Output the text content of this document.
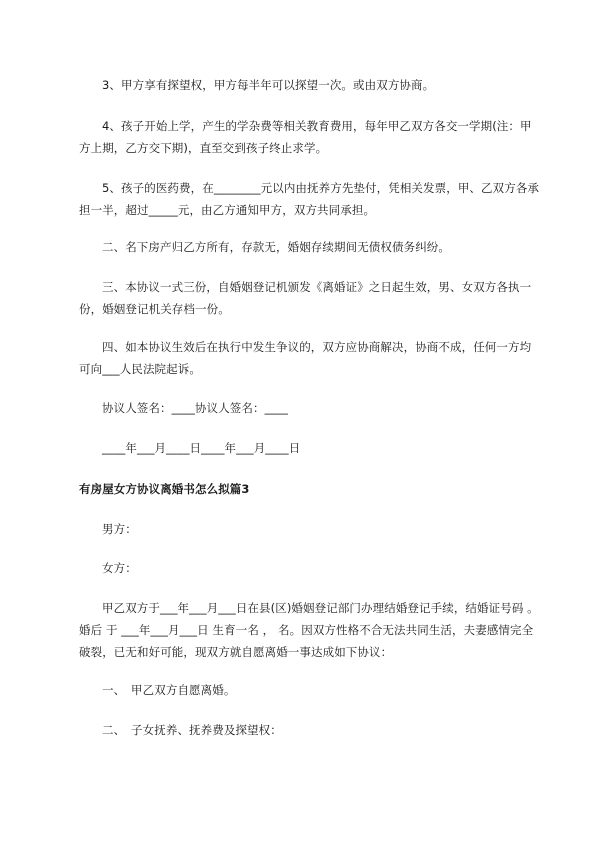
3、甲方享有探望权，甲方每半年可以探望一次。或由双方协商。

4、孩子开始上学，产生的学杂费等相关教育费用，每年甲乙双方各交一学期(注：甲方上期，乙方交下期)，直至交到孩子终止求学。

5、孩子的医药费，在________元以内由抚养方先垫付，凭相关发票，甲、乙双方各承担一半，超过_____元，由乙方通知甲方，双方共同承担。

二、名下房产归乙方所有，存款无，婚姻存续期间无债权债务纠纷。

三、本协议一式三份，自婚姻登记机颁发《离婚证》之日起生效，男、女双方各执一份，婚姻登记机关存档一份。

四、如本协议生效后在执行中发生争议的，双方应协商解决，协商不成，任何一方均可向___人民法院起诉。

协议人签名：____协议人签名：____

____年___月____日____年___月____日

有房屋女方协议离婚书怎么拟篇3

男方：

女方：

甲乙双方于___年___月___日在县(区)婚姻登记部门办理结婚登记手续，结婚证号码 。 婚后 于 ___年___月___日 生育一名 ， 名。因双方性格不合无法共同生活，夫妻感情完全破裂，已无和好可能，现双方就自愿离婚一事达成如下协议：

一、　甲乙双方自愿离婚。

二、　子女抚养、抚养费及探望权：
